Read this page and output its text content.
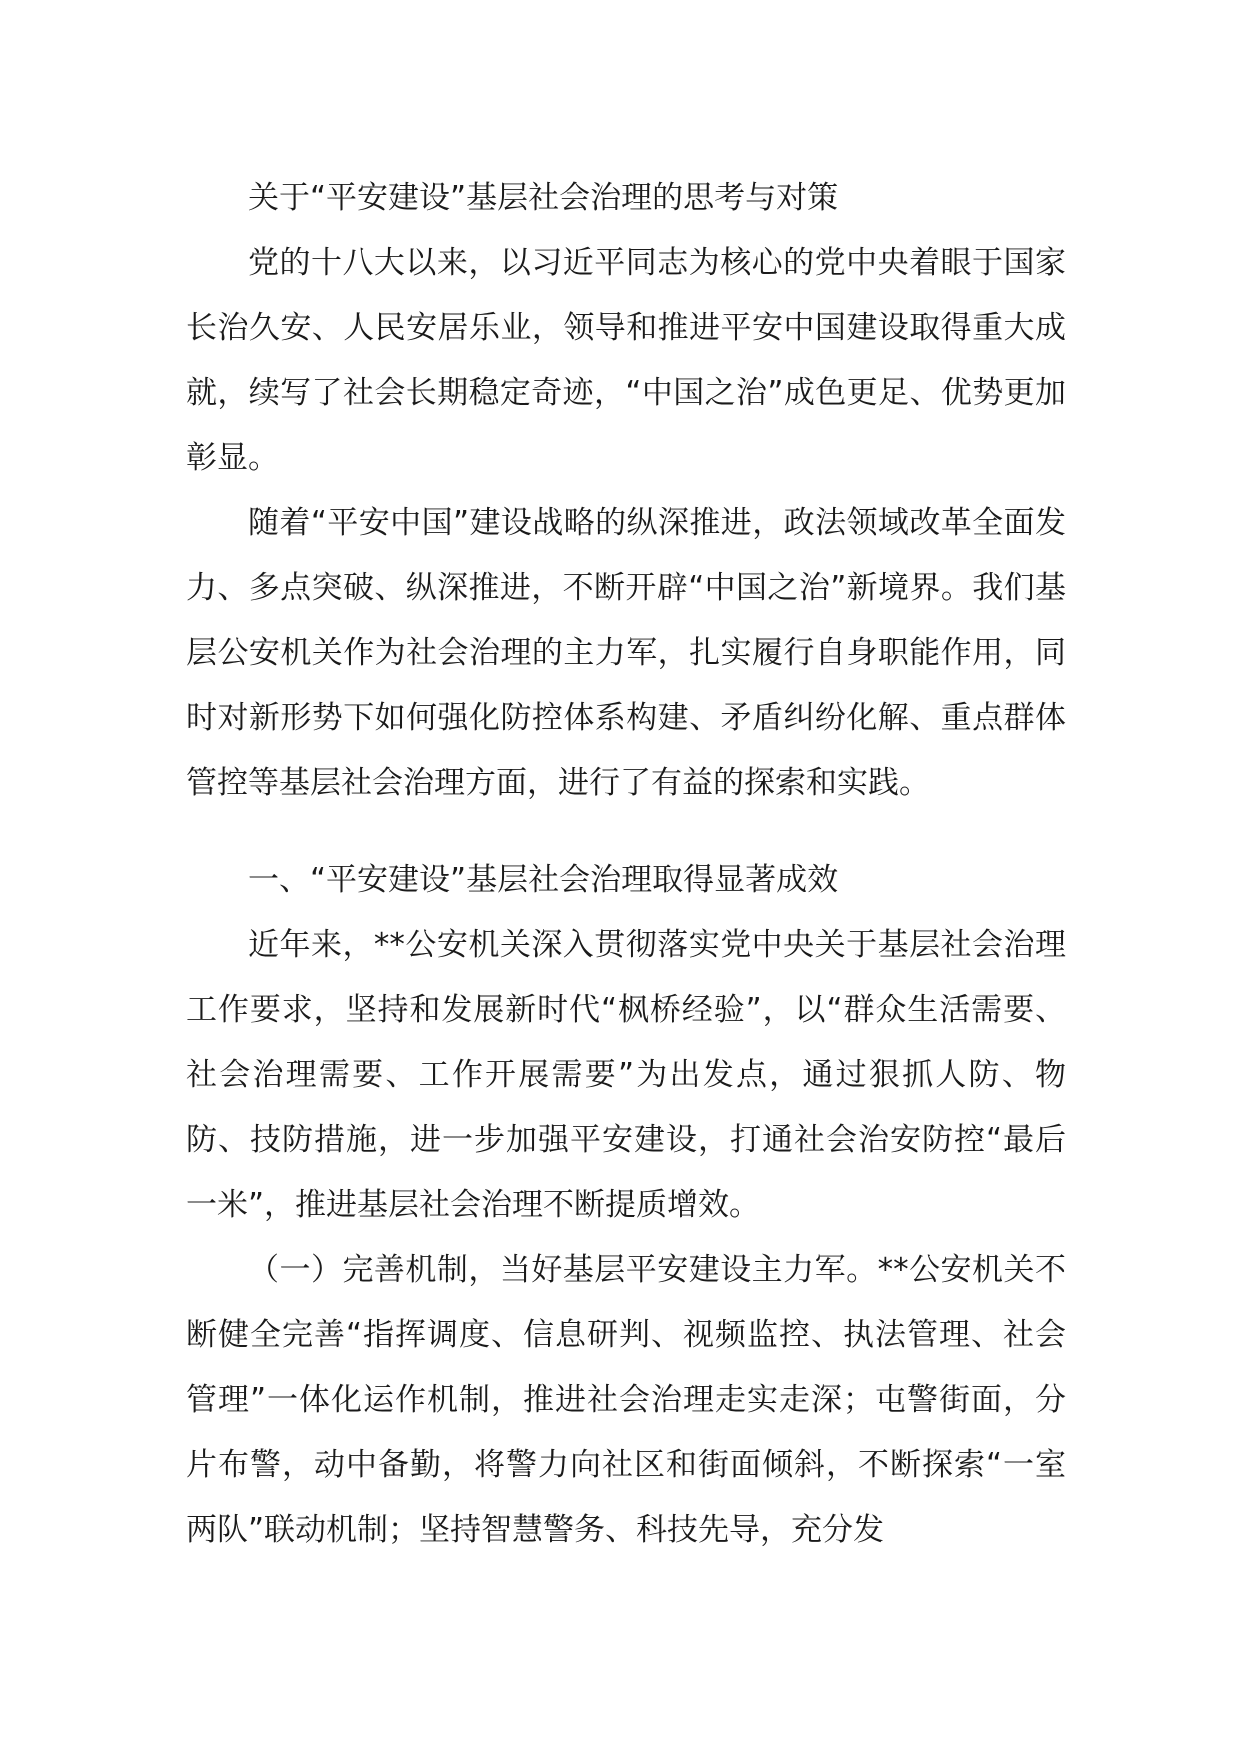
关于“平安建设”基层社会治理的思考与对策

党的十八大以来，以习近平同志为核心的党中央着眼于国家长治久安、人民安居乐业，领导和推进平安中国建设取得重大成就，续写了社会长期稳定奇迹，“中国之治”成色更足、优势更加彰显。

随着“平安中国”建设战略的纵深推进，政法领域改革全面发力、多点突破、纵深推进，不断开辟“中国之治”新境界。我们基层公安机关作为社会治理的主力军，扎实履行自身职能作用，同时对新形势下如何强化防控体系构建、矛盾纠纷化解、重点群体管控等基层社会治理方面，进行了有益的探索和实践。

一、“平安建设”基层社会治理取得显著成效

近年来，**公安机关深入贯彻落实党中央关于基层社会治理工作要求，坚持和发展新时代“枫桥经验”，以“群众生活需要、社会治理需要、工作开展需要”为出发点，通过狠抓人防、物防、技防措施，进一步加强平安建设，打通社会治安防控“最后一米”，推进基层社会治理不断提质增效。

（一）完善机制，当好基层平安建设主力军。**公安机关不断健全完善“指挥调度、信息研判、视频监控、执法管理、社会管理”一体化运作机制，推进社会治理走实走深；屯警街面，分片布警，动中备勤，将警力向社区和街面倾斜，不断探索“一室两队”联动机制；坚持智慧警务、科技先导，充分发
